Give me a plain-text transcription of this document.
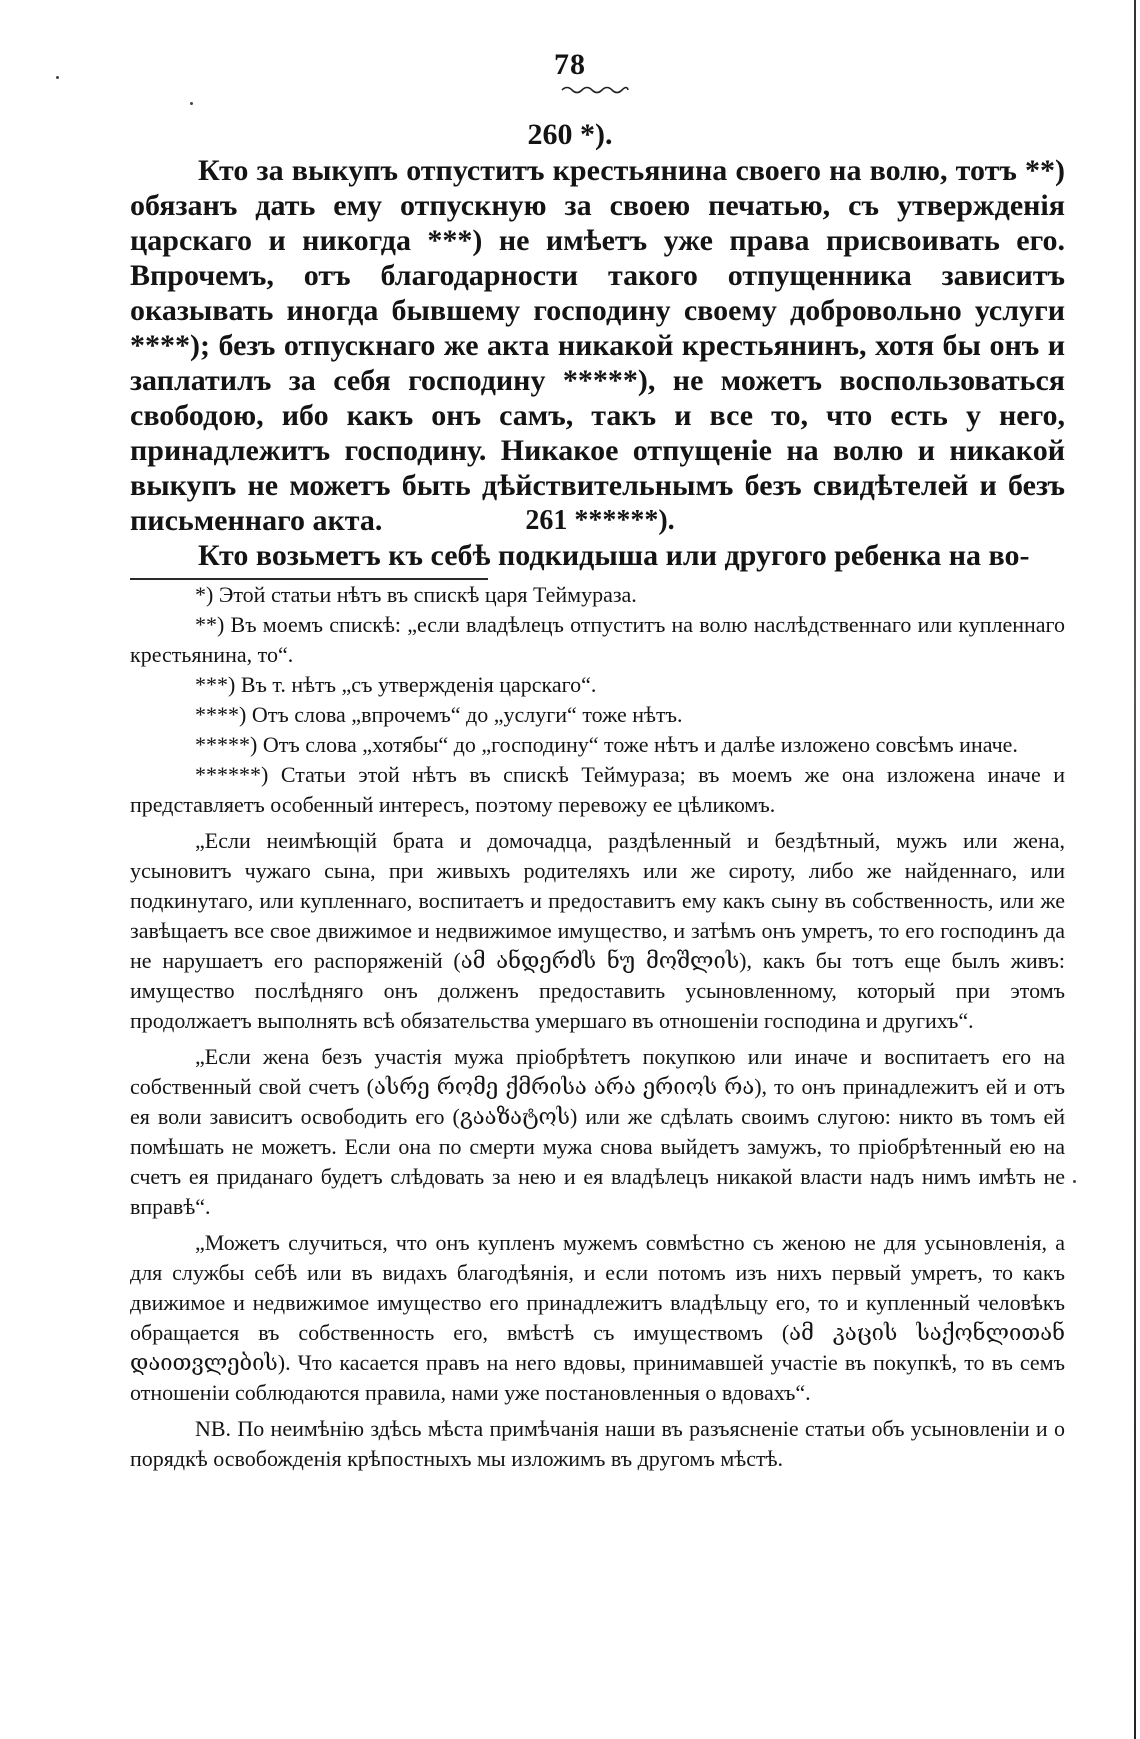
78
260 *).
Кто за выкупъ отпуститъ крестьянина своего на волю, тотъ **) обязанъ дать ему отпускную за своею печатью, съ утвержденія царскаго и никогда ***) не имѣетъ уже права присвоивать его. Впрочемъ, отъ благодарности такого отпущенника зависитъ оказывать иногда бывшему господину своему добровольно услуги ****); безъ отпускнаго же акта никакой крестьянинъ, хотя бы онъ и заплатилъ за себя господину *****), не можетъ воспользоваться свободою, ибо какъ онъ самъ, такъ и все то, что есть у него, принадлежитъ господину. Никакое отпущеніе на волю и никакой выкупъ не можетъ быть дѣйствительнымъ безъ свидѣтелей и безъ письменнаго акта.	261 ******).
Кто возьметъ къ себѣ подкидыша или другого ребенка на во-

*) Этой статьи нѣтъ въ спискѣ царя Теймураза.

**) Въ моемъ спискѣ: „если владѣлецъ отпуститъ на волю наслѣдственнаго или купленнаго крестьянина, то“.

***) Въ т. нѣтъ „съ утвержденія царскаго“.

****) Отъ слова „впрочемъ“ до „услуги“ тоже нѣтъ.

*****) Отъ слова „хотябы“ до „господину“ тоже нѣтъ и далѣе изложено совсѣмъ иначе.

******) Статьи этой нѣтъ въ спискѣ Теймураза; въ моемъ же она изложена иначе и представляетъ особенный интересъ, поэтому перевожу ее цѣликомъ.

„Если неимѣющій брата и домочадца, раздѣленный и бездѣтный, мужъ или жена, усыновитъ чужаго сына, при живыхъ родителяхъ или же сироту, либо же найденнаго, или подкинутаго, или купленнаго, воспитаетъ и предоставитъ ему какъ сыну въ собственность, или же завѣщаетъ все свое движимое и недвижимое имущество, и затѣмъ онъ умретъ, то его господинъ да не нарушаетъ его распоряженій (ამ ანდერძს ნუ მოშლის), какъ бы тотъ еще былъ живъ: имущество послѣдняго онъ долженъ предоставить усыновленному, который при этомъ продолжаетъ выполнять всѣ обязательства умершаго въ отношеніи господина и другихъ“.

„Если жена безъ участія мужа пріобрѣтетъ покупкою или иначе и воспитаетъ его на собственный свой счетъ (ასრე რომე ქმრისა არა ერიოს რა), то онъ принадлежитъ ей и отъ ея воли зависитъ освободить его (გააზატოს) или же сдѣлать своимъ слугою: никто въ томъ ей помѣшать не можетъ. Если она по смерти мужа снова выйдетъ замужъ, то пріобрѣтенный ею на счетъ ея приданаго будетъ слѣдовать за нею и ея владѣлецъ никакой власти надъ нимъ имѣть не вправѣ“.

„Можетъ случиться, что онъ купленъ мужемъ совмѣстно съ женою не для усыновленія, а для службы себѣ или въ видахъ благодѣянія, и если потомъ изъ нихъ первый умретъ, то какъ движимое и недвижимое имущество его принадлежитъ владѣльцу его, то и купленный человѣкъ обращается въ собственность его, вмѣстѣ съ имуществомъ (ამ კაცის საქონლითან დაითვლების). Что касается правъ на него вдовы, принимавшей участіе въ покупкѣ, то въ семъ отношеніи соблюдаются правила, нами уже постановленныя о вдовахъ“.

NB. По неимѣнію здѣсь мѣста примѣчанія наши въ разъясненіе статьи объ усыновленіи и о порядкѣ освобожденія крѣпостныхъ мы изложимъ въ другомъ мѣстѣ.
